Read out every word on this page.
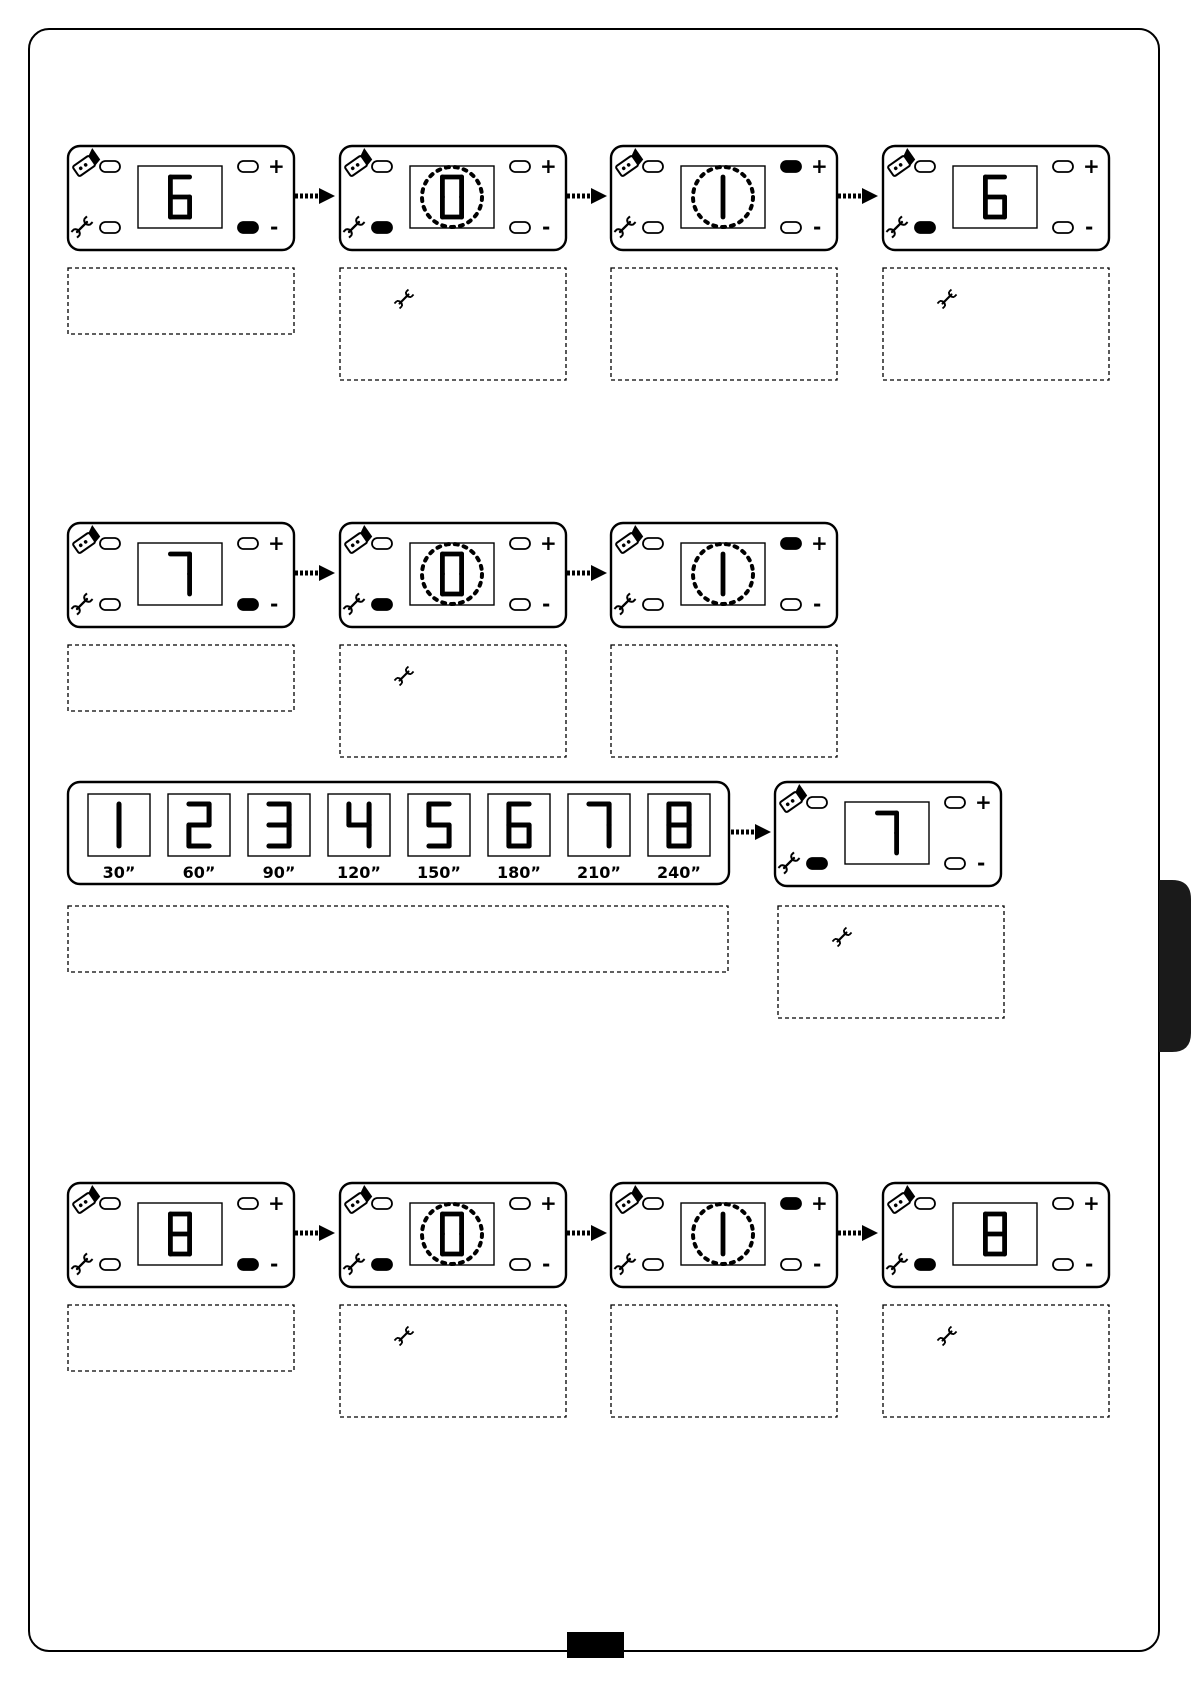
+
-
+
-
+
-
+
-
+
-
+
-
+
-
+
-
+
-
+
-
+
-
30”	60”	90”	120” 150” 180” 210” 240”
+
-
